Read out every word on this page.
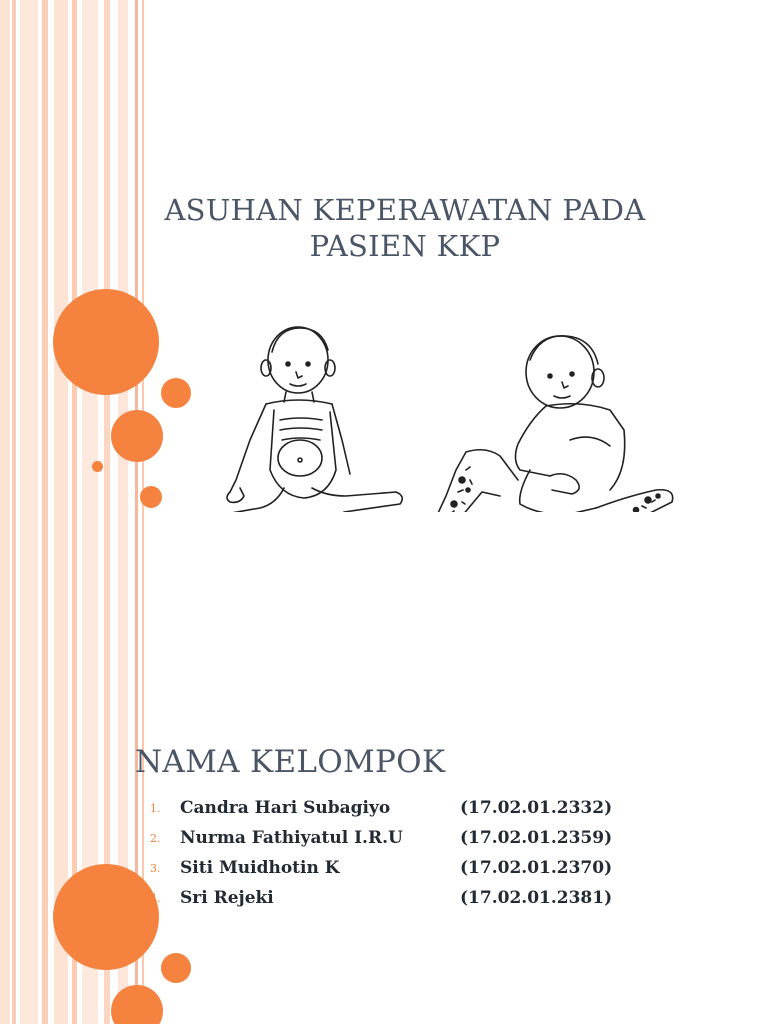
ASUHAN KEPERAWATAN PADA
PASIEN KKP
NAMA KELOMPOK
1. Candra Hari Subagiyo	(17.02.01.2332)
2. Nurma Fathiyatul I.R.U	(17.02.01.2359)
3. Siti Muidhotin K	(17.02.01.2370)
4. Sri Rejeki	(17.02.01.2381)
